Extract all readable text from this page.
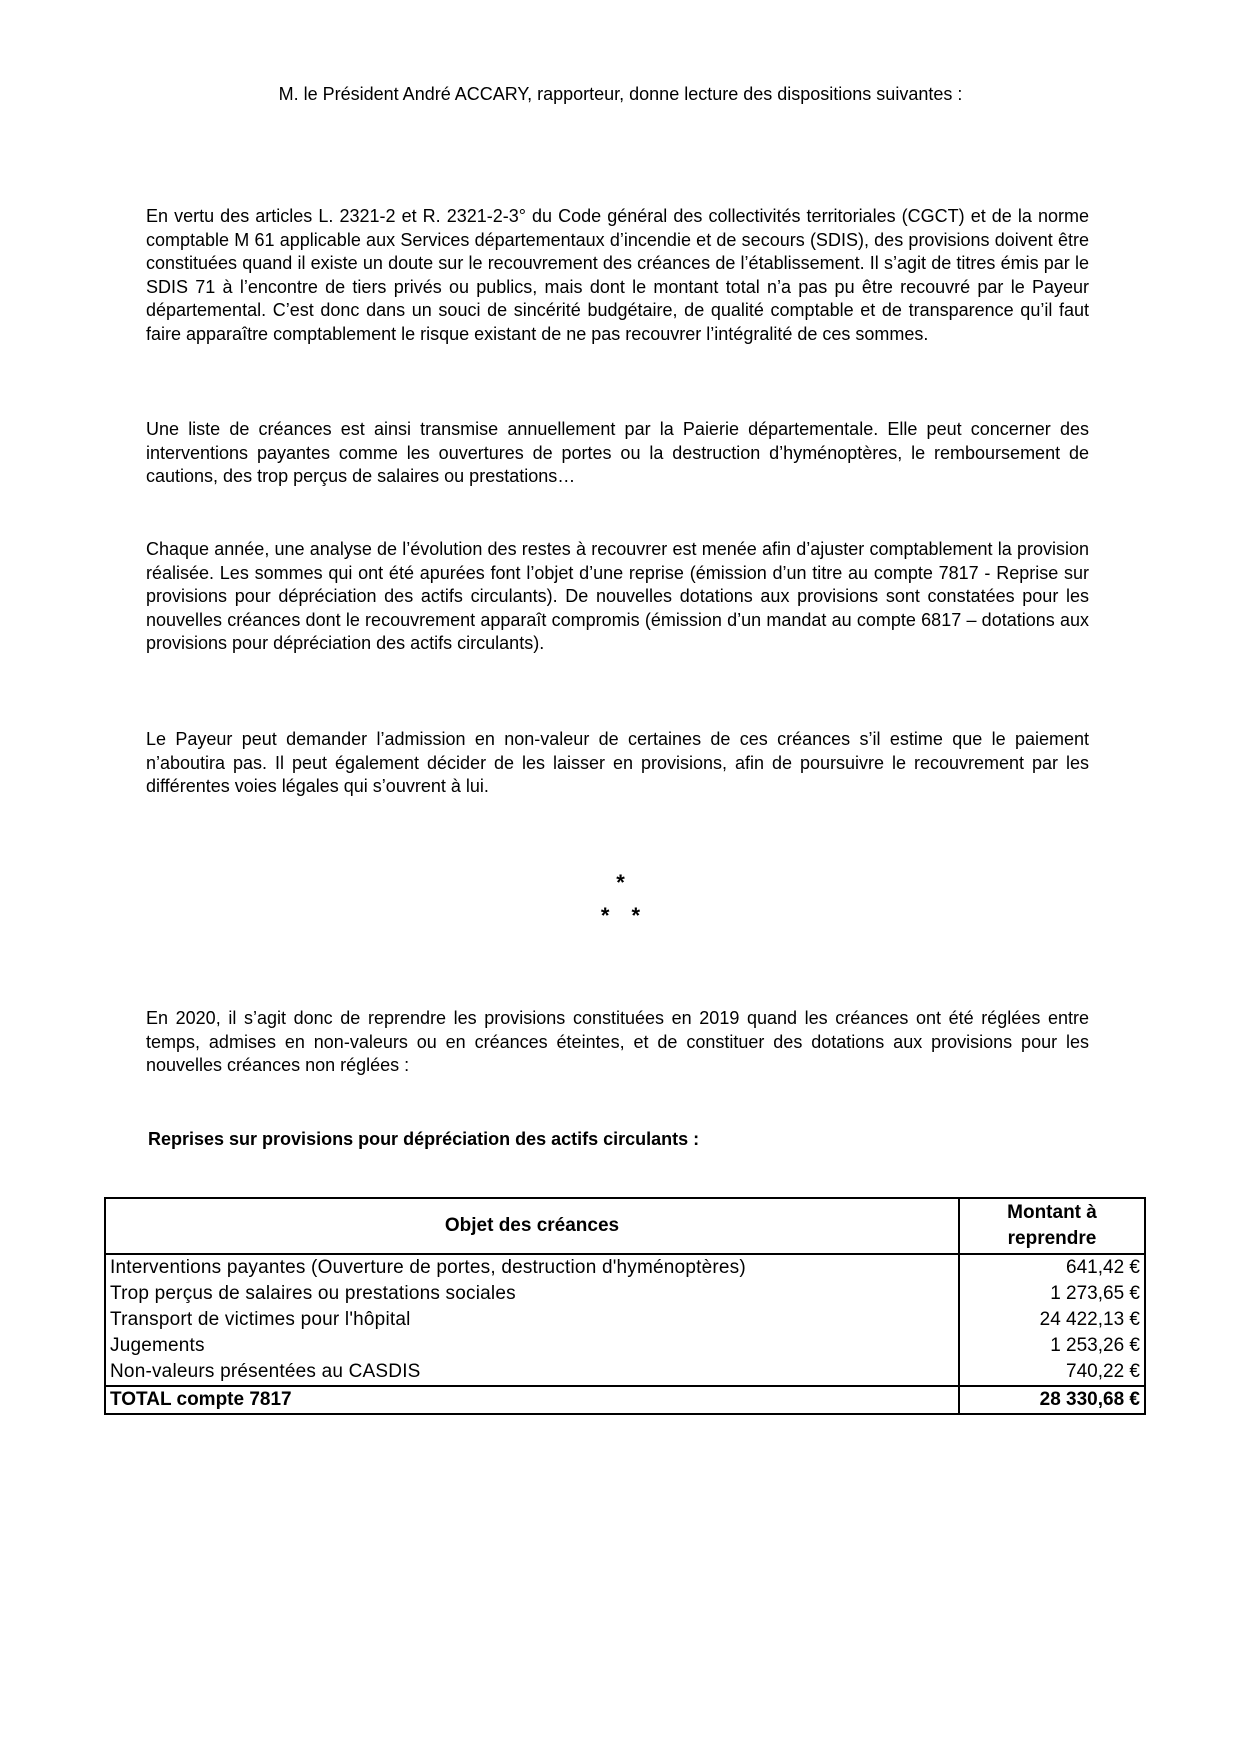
M. le Président André ACCARY, rapporteur, donne lecture des dispositions suivantes :

En vertu des articles L. 2321-2 et R. 2321-2-3° du Code général des collectivités territoriales (CGCT) et de la norme comptable M 61 applicable aux Services départementaux d’incendie et de secours (SDIS), des provisions doivent être constituées quand il existe un doute sur le recouvrement des créances de l’établissement. Il s’agit de titres émis par le SDIS 71 à l’encontre de tiers privés ou publics, mais dont le montant total n’a pas pu être recouvré par le Payeur départemental. C’est donc dans un souci de sincérité budgétaire, de qualité comptable et de transparence qu’il faut faire apparaître comptablement le risque existant de ne pas recouvrer l’intégralité de ces sommes.

Une liste de créances est ainsi transmise annuellement par la Paierie départementale. Elle peut concerner des interventions payantes comme les ouvertures de portes ou la destruction d’hyménoptères, le remboursement de cautions, des trop perçus de salaires ou prestations…

Chaque année, une analyse de l’évolution des restes à recouvrer est menée afin d’ajuster comptablement la provision réalisée. Les sommes qui ont été apurées font l’objet d’une reprise (émission d’un titre au compte 7817 - Reprise sur provisions pour dépréciation des actifs circulants). De nouvelles dotations aux provisions sont constatées pour les nouvelles créances dont le recouvrement apparaît compromis (émission d’un mandat au compte 6817 – dotations aux provisions pour dépréciation des actifs circulants).

Le Payeur peut demander l’admission en non-valeur de certaines de ces créances s’il estime que le paiement n’aboutira pas. Il peut également décider de les laisser en provisions, afin de poursuivre le recouvrement par les différentes voies légales qui s’ouvrent à lui.

*
* *

En 2020, il s’agit donc de reprendre les provisions constituées en 2019 quand les créances ont été réglées entre temps, admises en non-valeurs ou en créances éteintes, et de constituer des dotations aux provisions pour les nouvelles créances non réglées :

Reprises sur provisions pour dépréciation des actifs circulants :
Objet des créances	Montant à reprendre
Interventions payantes (Ouverture de portes, destruction d'hyménoptères)	641,42 €
Trop perçus de salaires ou prestations sociales	1 273,65 €
Transport de victimes pour l'hôpital	24 422,13 €
Jugements	1 253,26 €
Non-valeurs présentées au CASDIS	740,22 €
TOTAL compte 7817	28 330,68 €
